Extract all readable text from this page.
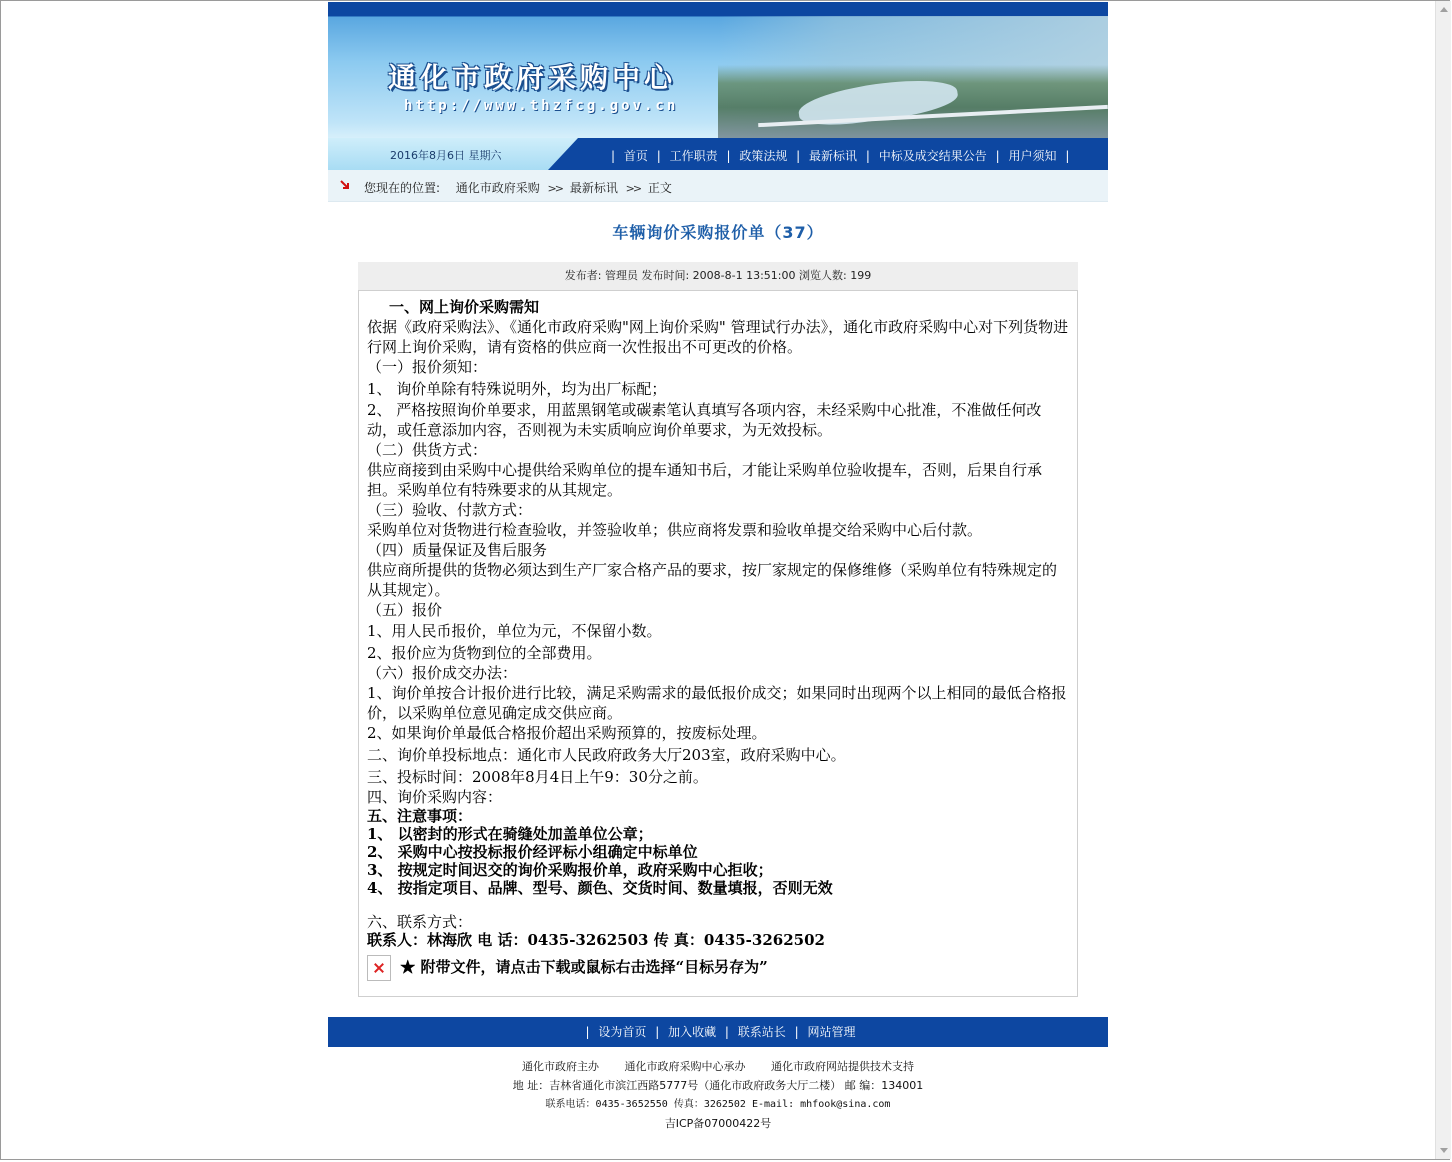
通化市政府采购中心
http://www.thzfcg.gov.cn
2016年8月6日 星期六	| 首页 | 工作职责 | 政策法规 | 最新标讯 | 中标及成交结果公告 | 用户须知 |
您现在的位置: 通化市政府采购 >> 最新标讯 >> 正文
车辆询价采购报价单（37）
发布者: 管理员 发布时间: 2008-8-1 13:51:00 浏览人数: 199

一、网上询价采购需知

依据《政府采购法》、《通化市政府采购"网上询价采购" 管理试行办法》，通化市政府采购中心对下列货物进行网上询价采购，请有资格的供应商一次性报出不可更改的价格。

（一）报价须知：

1、 询价单除有特殊说明外，均为出厂标配；

2、 严格按照询价单要求，用蓝黑钢笔或碳素笔认真填写各项内容，未经采购中心批准，不准做任何改动，或任意添加内容，否则视为未实质响应询价单要求，为无效投标。

（二）供货方式：

供应商接到由采购中心提供给采购单位的提车通知书后，才能让采购单位验收提车，否则，后果自行承担。采购单位有特殊要求的从其规定。

（三）验收、付款方式：

采购单位对货物进行检查验收，并签验收单；供应商将发票和验收单提交给采购中心后付款。

（四）质量保证及售后服务

供应商所提供的货物必须达到生产厂家合格产品的要求，按厂家规定的保修维修（采购单位有特殊规定的从其规定）。

（五）报价

1、用人民币报价，单位为元，不保留小数。

2、报价应为货物到位的全部费用。

（六）报价成交办法：

1、询价单按合计报价进行比较，满足采购需求的最低报价成交；如果同时出现两个以上相同的最低合格报价，以采购单位意见确定成交供应商。

2、如果询价单最低合格报价超出采购预算的，按废标处理。

二、询价单投标地点：通化市人民政府政务大厅203室，政府采购中心。

三、投标时间：2008年8月4日上午9：30分之前。

四、询价采购内容：

五、注意事项：

1、 以密封的形式在骑缝处加盖单位公章；

2、 采购中心按投标报价经评标小组确定中标单位

3、 按规定时间迟交的询价采购报价单，政府采购中心拒收；

4、 按指定项目、品牌、型号、颜色、交货时间、数量填报，否则无效

六、联系方式：

联系人：林海欣 电 话：0435-3262503 传 真：0435-3262502

★ 附带文件，请点击下载或鼠标右击选择“目标另存为”
| 设为首页 | 加入收藏 | 联系站长 | 网站管理
通化市政府主办 通化市政府采购中心承办 通化市政府网站提供技术支持
地 址：吉林省通化市滨江西路5777号（通化市政府政务大厅二楼） 邮 编：134001
联系电话：0435-3652550 传真：3262502 E-mail: mhfook@sina.com
吉ICP备07000422号
